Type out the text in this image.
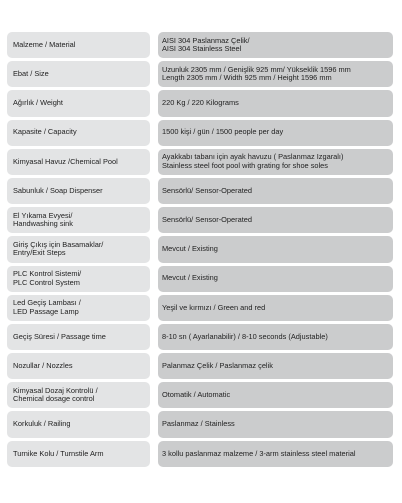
Malzeme / Material	AISI 304 Paslanmaz Çelik/
AISI 304 Stainless Steel
Ebat / Size	Uzunluk 2305 mm / Genişlik 925 mm/ Yükseklik 1596 mm
Length 2305 mm / Width 925 mm / Height 1596 mm
Ağırlık / Weight	220 Kg / 220 Kilograms
Kapasite / Capacity	1500 kişi / gün / 1500 people per day
Kimyasal Havuz /Chemical Pool	Ayakkabı tabanı için ayak havuzu ( Paslanmaz Izgaralı)
Stainless steel foot pool with grating for shoe soles
Sabunluk / Soap Dispenser	Sensörlü/ Sensor-Operated
El Yıkama Evyesi/
Handwashing sink	Sensörlü/ Sensor-Operated
Giriş Çıkış için Basamaklar/
Entry/Exit Steps	Mevcut / Existing
PLC Kontrol Sistemi/
PLC Control System	Mevcut / Existing
Led Geçiş Lambası /
LED Passage Lamp	Yeşil ve kırmızı / Green and red
Geçiş Süresi / Passage time	8-10 sn ( Ayarlanabilir) / 8-10 seconds (Adjustable)
Nozullar / Nozzles	Palanmaz Çelik / Paslanmaz çelik
Kimyasal Dozaj Kontrolü /
Chemical dosage control	Otomatik / Automatic
Korkuluk / Railing	Paslanmaz / Stainless
Turnike Kolu / Turnstile Arm	3 kollu paslanmaz malzeme / 3-arm stainless steel material
